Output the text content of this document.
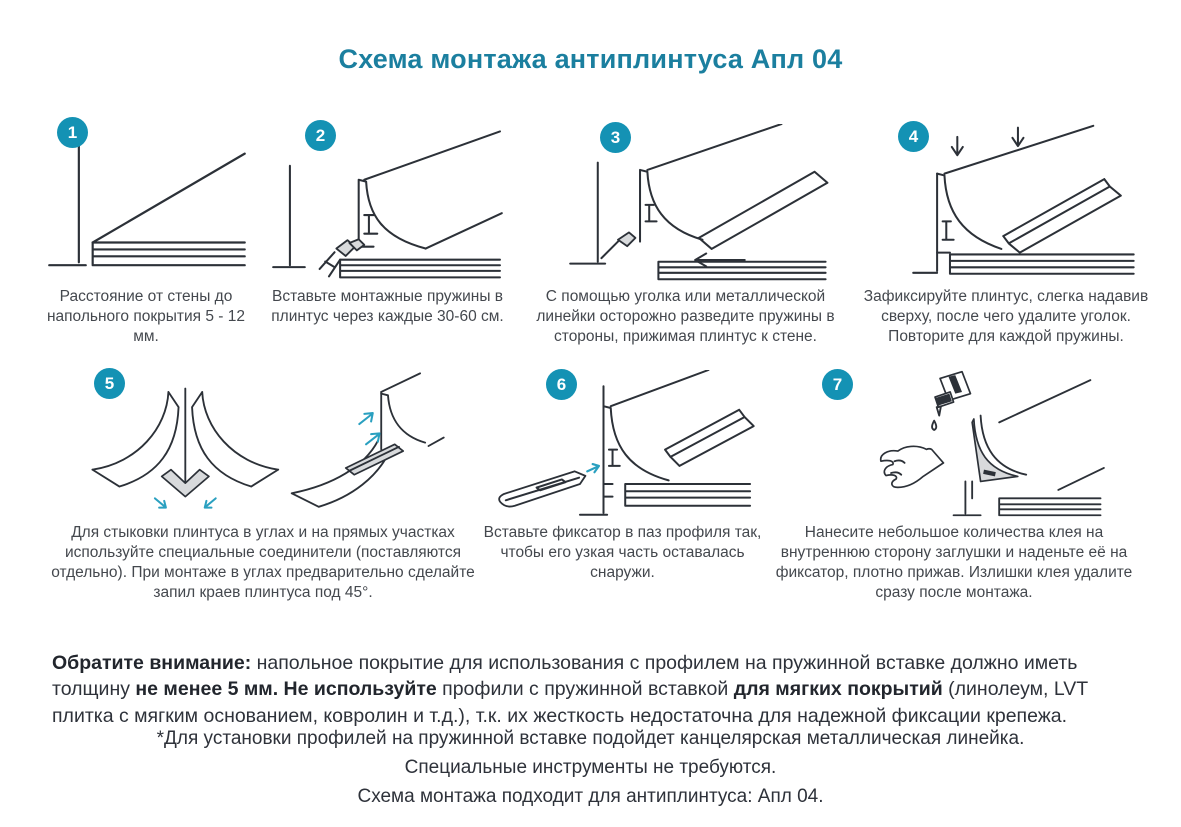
Схема монтажа антиплинтуса Апл 04
1
Расстояние от стены до напольного покрытия 5 - 12 мм.
2
Вставьте монтажные пружины в плинтус через каждые 30-60 см.
3
С помощью уголка или металлической линейки осторожно разведите пружины в стороны, прижимая плинтус к стене.
4
Зафиксируйте плинтус, слегка надавив сверху, после чего удалите уголок. Повторите для каждой пружины.
5
Для стыковки плинтуса в углах и на прямых участках используйте специальные соединители (поставляются отдельно). При монтаже в углах предварительно сделайте запил краев плинтуса под 45°.
6
Вставьте фиксатор в паз профиля так, чтобы его узкая часть оставалась снаружи.
7
Нанесите небольшое количества клея на внутреннюю сторону заглушки и наденьте её на фиксатор, плотно прижав. Излишки клея удалите сразу после монтажа.

Обратите внимание: напольное покрытие для использования с профилем на пружинной вставке должно иметь толщину не менее 5 мм. Не используйте профили с пружинной вставкой для мягких покрытий (линолеум, LVT плитка с мягким основанием, ковролин и т.д.), т.к. их жесткость недостаточна для надежной фиксации крепежа.

*Для установки профилей на пружинной вставке подойдет канцелярская металлическая линейка.
Специальные инструменты не требуются.
Схема монтажа подходит для антиплинтуса: Апл 04.
